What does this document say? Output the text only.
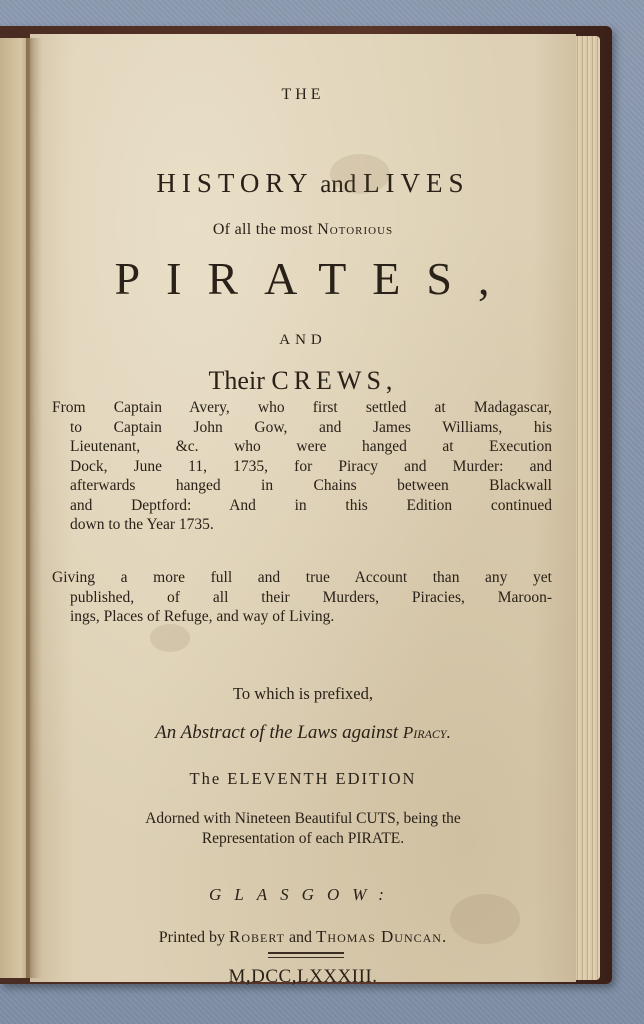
THE
HISTORY and LIVES
Of all the most Notorious
PIRATES,
AND
Their CREWS,
From Captain Avery, who first settled at Madagascar,
to Captain John Gow, and James Williams, his
Lieutenant, &c. who were hanged at Execution
Dock, June 11, 1735, for Piracy and Murder: and
afterwards hanged in Chains between Blackwall
and Deptford: And in this Edition continued
down to the Year 1735.
Giving a more full and true Account than any yet
published, of all their Murders, Piracies, Maroon-
ings, Places of Refuge, and way of Living.
To which is prefixed,
An Abstract of the Laws against Piracy.
The ELEVENTH EDITION
Adorned with Nineteen Beautiful CUTS, being the
Representation of each PIRATE.
GLASGOW:
Printed by Robert and Thomas Duncan.
M,DCC,LXXXIII.
